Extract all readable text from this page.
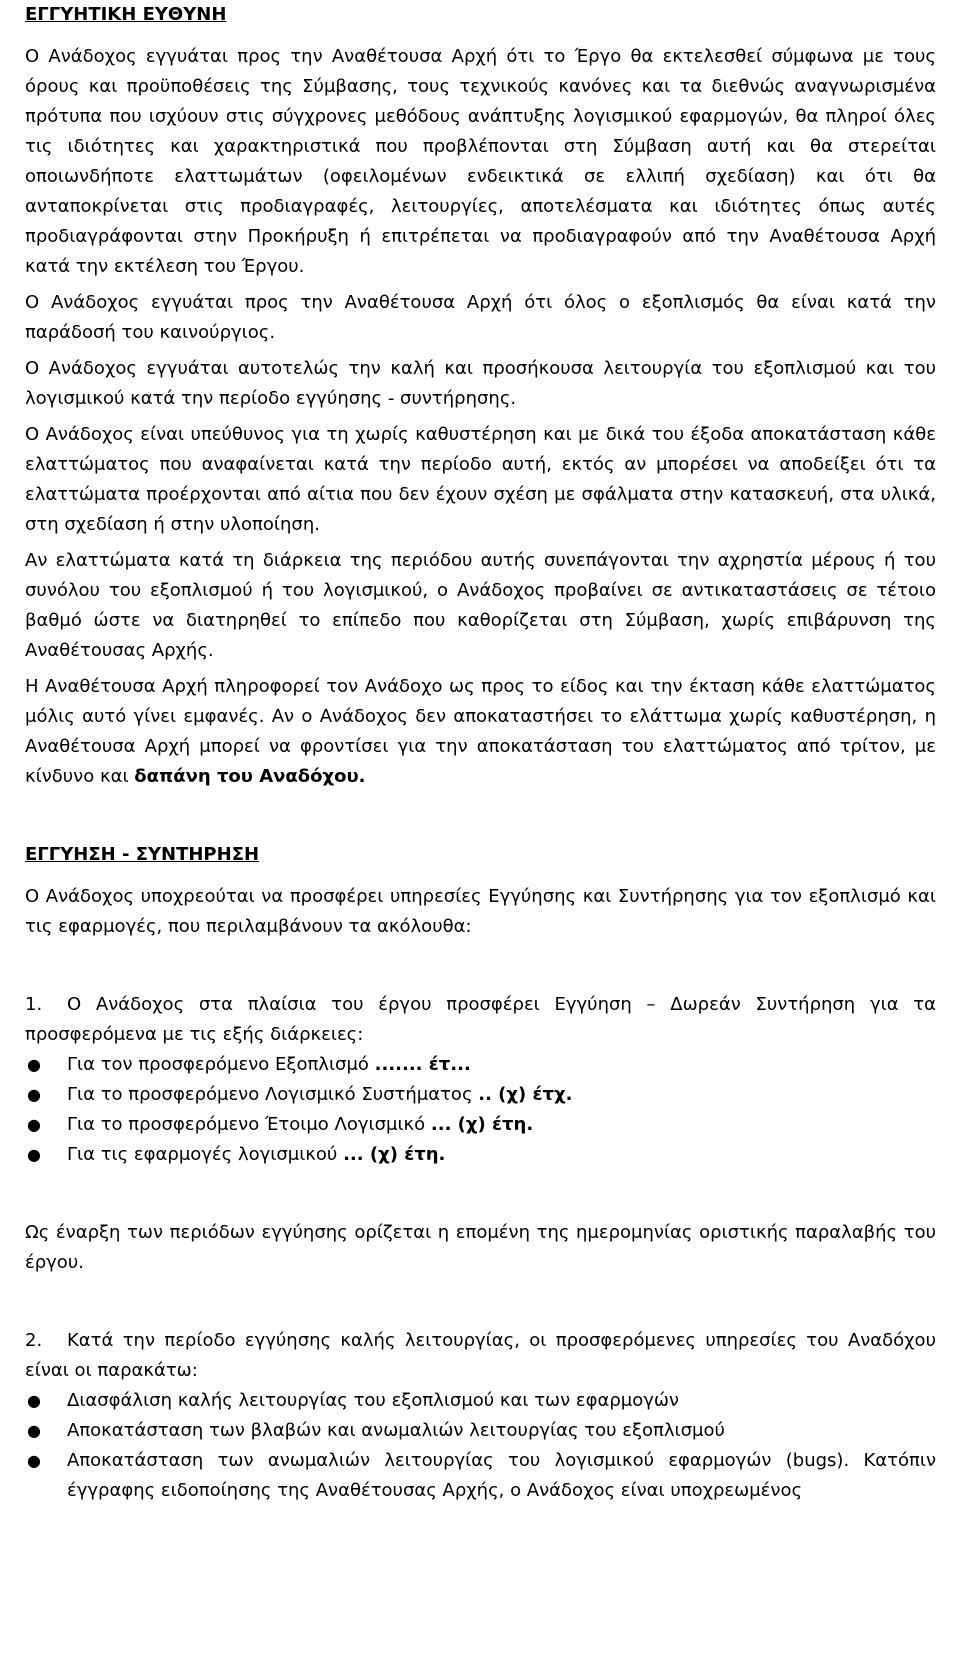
ΕΓΓΥΗΤΙΚΗ ΕΥΘΥΝΗ

Ο Ανάδοχος εγγυάται προς την Αναθέτουσα Αρχή ότι το Έργο θα εκτελεσθεί σύμφωνα με τους όρους και προϋποθέσεις της Σύμβασης, τους τεχνικούς κανόνες και τα διεθνώς αναγνωρισμένα πρότυπα που ισχύουν στις σύγχρονες μεθόδους ανάπτυξης λογισμικού εφαρμογών, θα πληροί όλες τις ιδιότητες και χαρακτηριστικά που προβλέπονται στη Σύμβαση αυτή και θα στερείται οποιωνδήποτε ελαττωμάτων (οφειλομένων ενδεικτικά σε ελλιπή σχεδίαση) και ότι θα ανταποκρίνεται στις προδιαγραφές, λειτουργίες, αποτελέσματα και ιδιότητες όπως αυτές προδιαγράφονται στην Προκήρυξη ή επιτρέπεται να προδιαγραφούν από την Αναθέτουσα Αρχή κατά την εκτέλεση του Έργου.

Ο Ανάδοχος εγγυάται προς την Αναθέτουσα Αρχή ότι όλος ο εξοπλισμός θα είναι κατά την παράδοσή του καινούργιος.

Ο Ανάδοχος εγγυάται αυτοτελώς την καλή και προσήκουσα λειτουργία του εξοπλισμού και του λογισμικού κατά την περίοδο εγγύησης - συντήρησης.

Ο Ανάδοχος είναι υπεύθυνος για τη χωρίς καθυστέρηση και με δικά του έξοδα αποκατάσταση κάθε ελαττώματος που αναφαίνεται κατά την περίοδο αυτή, εκτός αν μπορέσει να αποδείξει ότι τα ελαττώματα προέρχονται από αίτια που δεν έχουν σχέση με σφάλματα στην κατασκευή, στα υλικά, στη σχεδίαση ή στην υλοποίηση.

Αν ελαττώματα κατά τη διάρκεια της περιόδου αυτής συνεπάγονται την αχρηστία μέρους ή του συνόλου του εξοπλισμού ή του λογισμικού, ο Ανάδοχος προβαίνει σε αντικαταστάσεις σε τέτοιο βαθμό ώστε να διατηρηθεί το επίπεδο που καθορίζεται στη Σύμβαση, χωρίς επιβάρυνση της Αναθέτουσας Αρχής.

Η Αναθέτουσα Αρχή πληροφορεί τον Ανάδοχο ως προς το είδος και την έκταση κάθε ελαττώματος μόλις αυτό γίνει εμφανές. Αν ο Ανάδοχος δεν αποκαταστήσει το ελάττωμα χωρίς καθυστέρηση, η Αναθέτουσα Αρχή μπορεί να φροντίσει για την αποκατάσταση του ελαττώματος από τρίτον, με κίνδυνο και δαπάνη του Αναδόχου.

ΕΓΓΥΗΣΗ - ΣΥΝΤΗΡΗΣΗ

Ο Ανάδοχος υποχρεούται να προσφέρει υπηρεσίες Εγγύησης και Συντήρησης για τον εξοπλισμό και τις εφαρμογές, που περιλαμβάνουν τα ακόλουθα:

1. Ο Ανάδοχος στα πλαίσια του έργου προσφέρει Εγγύηση – Δωρεάν Συντήρηση για τα προσφερόμενα με τις εξής διάρκειες:

● Για τον προσφερόμενο Εξοπλισμό ....... έτ...
● Για το προσφερόμενο Λογισμικό Συστήματος .. (χ) έτχ.
● Για το προσφερόμενο Έτοιμο Λογισμικό ... (χ) έτη.
● Για τις εφαρμογές λογισμικού ... (χ) έτη.

Ως έναρξη των περιόδων εγγύησης ορίζεται η επομένη της ημερομηνίας οριστικής παραλαβής του έργου.

2. Κατά την περίοδο εγγύησης καλής λειτουργίας, οι προσφερόμενες υπηρεσίες του Αναδόχου είναι οι παρακάτω:

● Διασφάλιση καλής λειτουργίας του εξοπλισμού και των εφαρμογών
● Αποκατάσταση των βλαβών και ανωμαλιών λειτουργίας του εξοπλισμού
● Αποκατάσταση των ανωμαλιών λειτουργίας του λογισμικού εφαρμογών (bugs). Κατόπιν έγγραφης ειδοποίησης της Αναθέτουσας Αρχής, ο Ανάδοχος είναι υποχρεωμένος
